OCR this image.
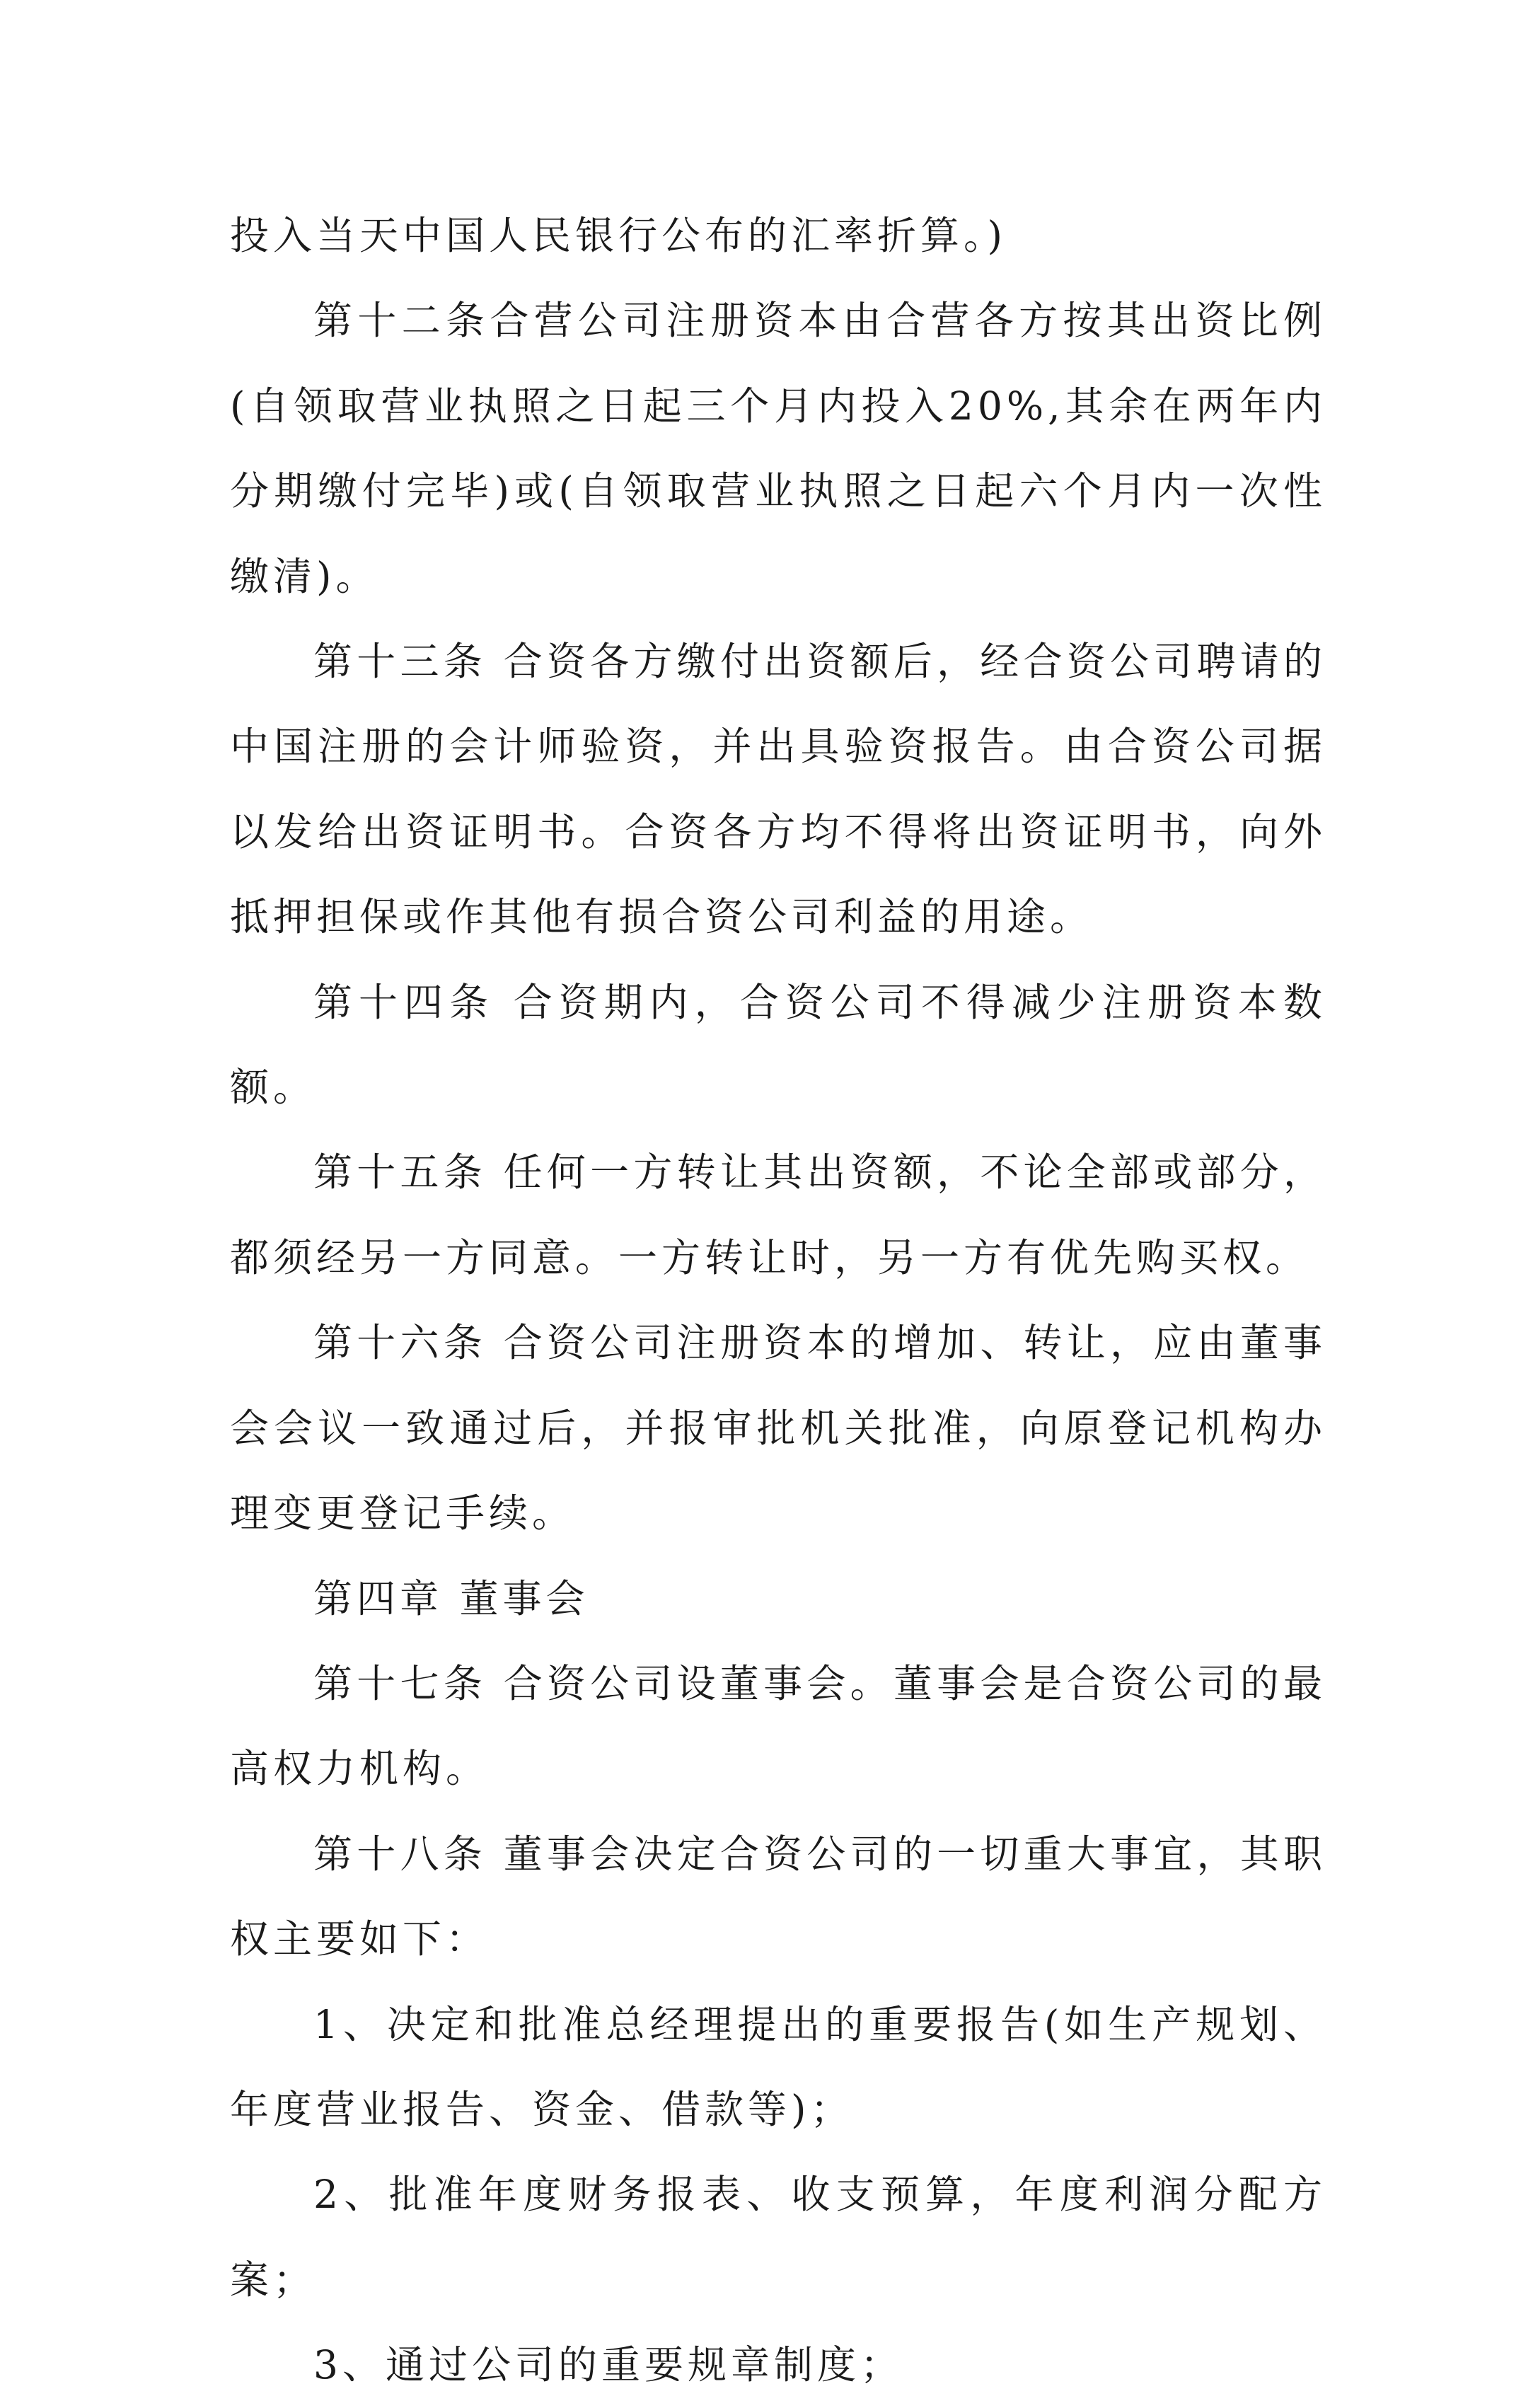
投入当天中国人民银行公布的汇率折算。)

第十二条合营公司注册资本由合营各方按其出资比例(自领取营业执照之日起三个月内投入20%,其余在两年内分期缴付完毕)或(自领取营业执照之日起六个月内一次性缴清)。

第十三条 合资各方缴付出资额后，经合资公司聘请的中国注册的会计师验资，并出具验资报告。由合资公司据以发给出资证明书。合资各方均不得将出资证明书，向外抵押担保或作其他有损合资公司利益的用途。

第十四条 合资期内，合资公司不得减少注册资本数额。

第十五条 任何一方转让其出资额，不论全部或部分，都须经另一方同意。一方转让时，另一方有优先购买权。

第十六条 合资公司注册资本的增加、转让，应由董事会会议一致通过后，并报审批机关批准，向原登记机构办理变更登记手续。

第四章 董事会

第十七条 合资公司设董事会。董事会是合资公司的最高权力机构。

第十八条 董事会决定合资公司的一切重大事宜，其职权主要如下：

1、决定和批准总经理提出的重要报告(如生产规划、年度营业报告、资金、借款等)；

2、批准年度财务报表、收支预算，年度利润分配方案；

3、通过公司的重要规章制度；
